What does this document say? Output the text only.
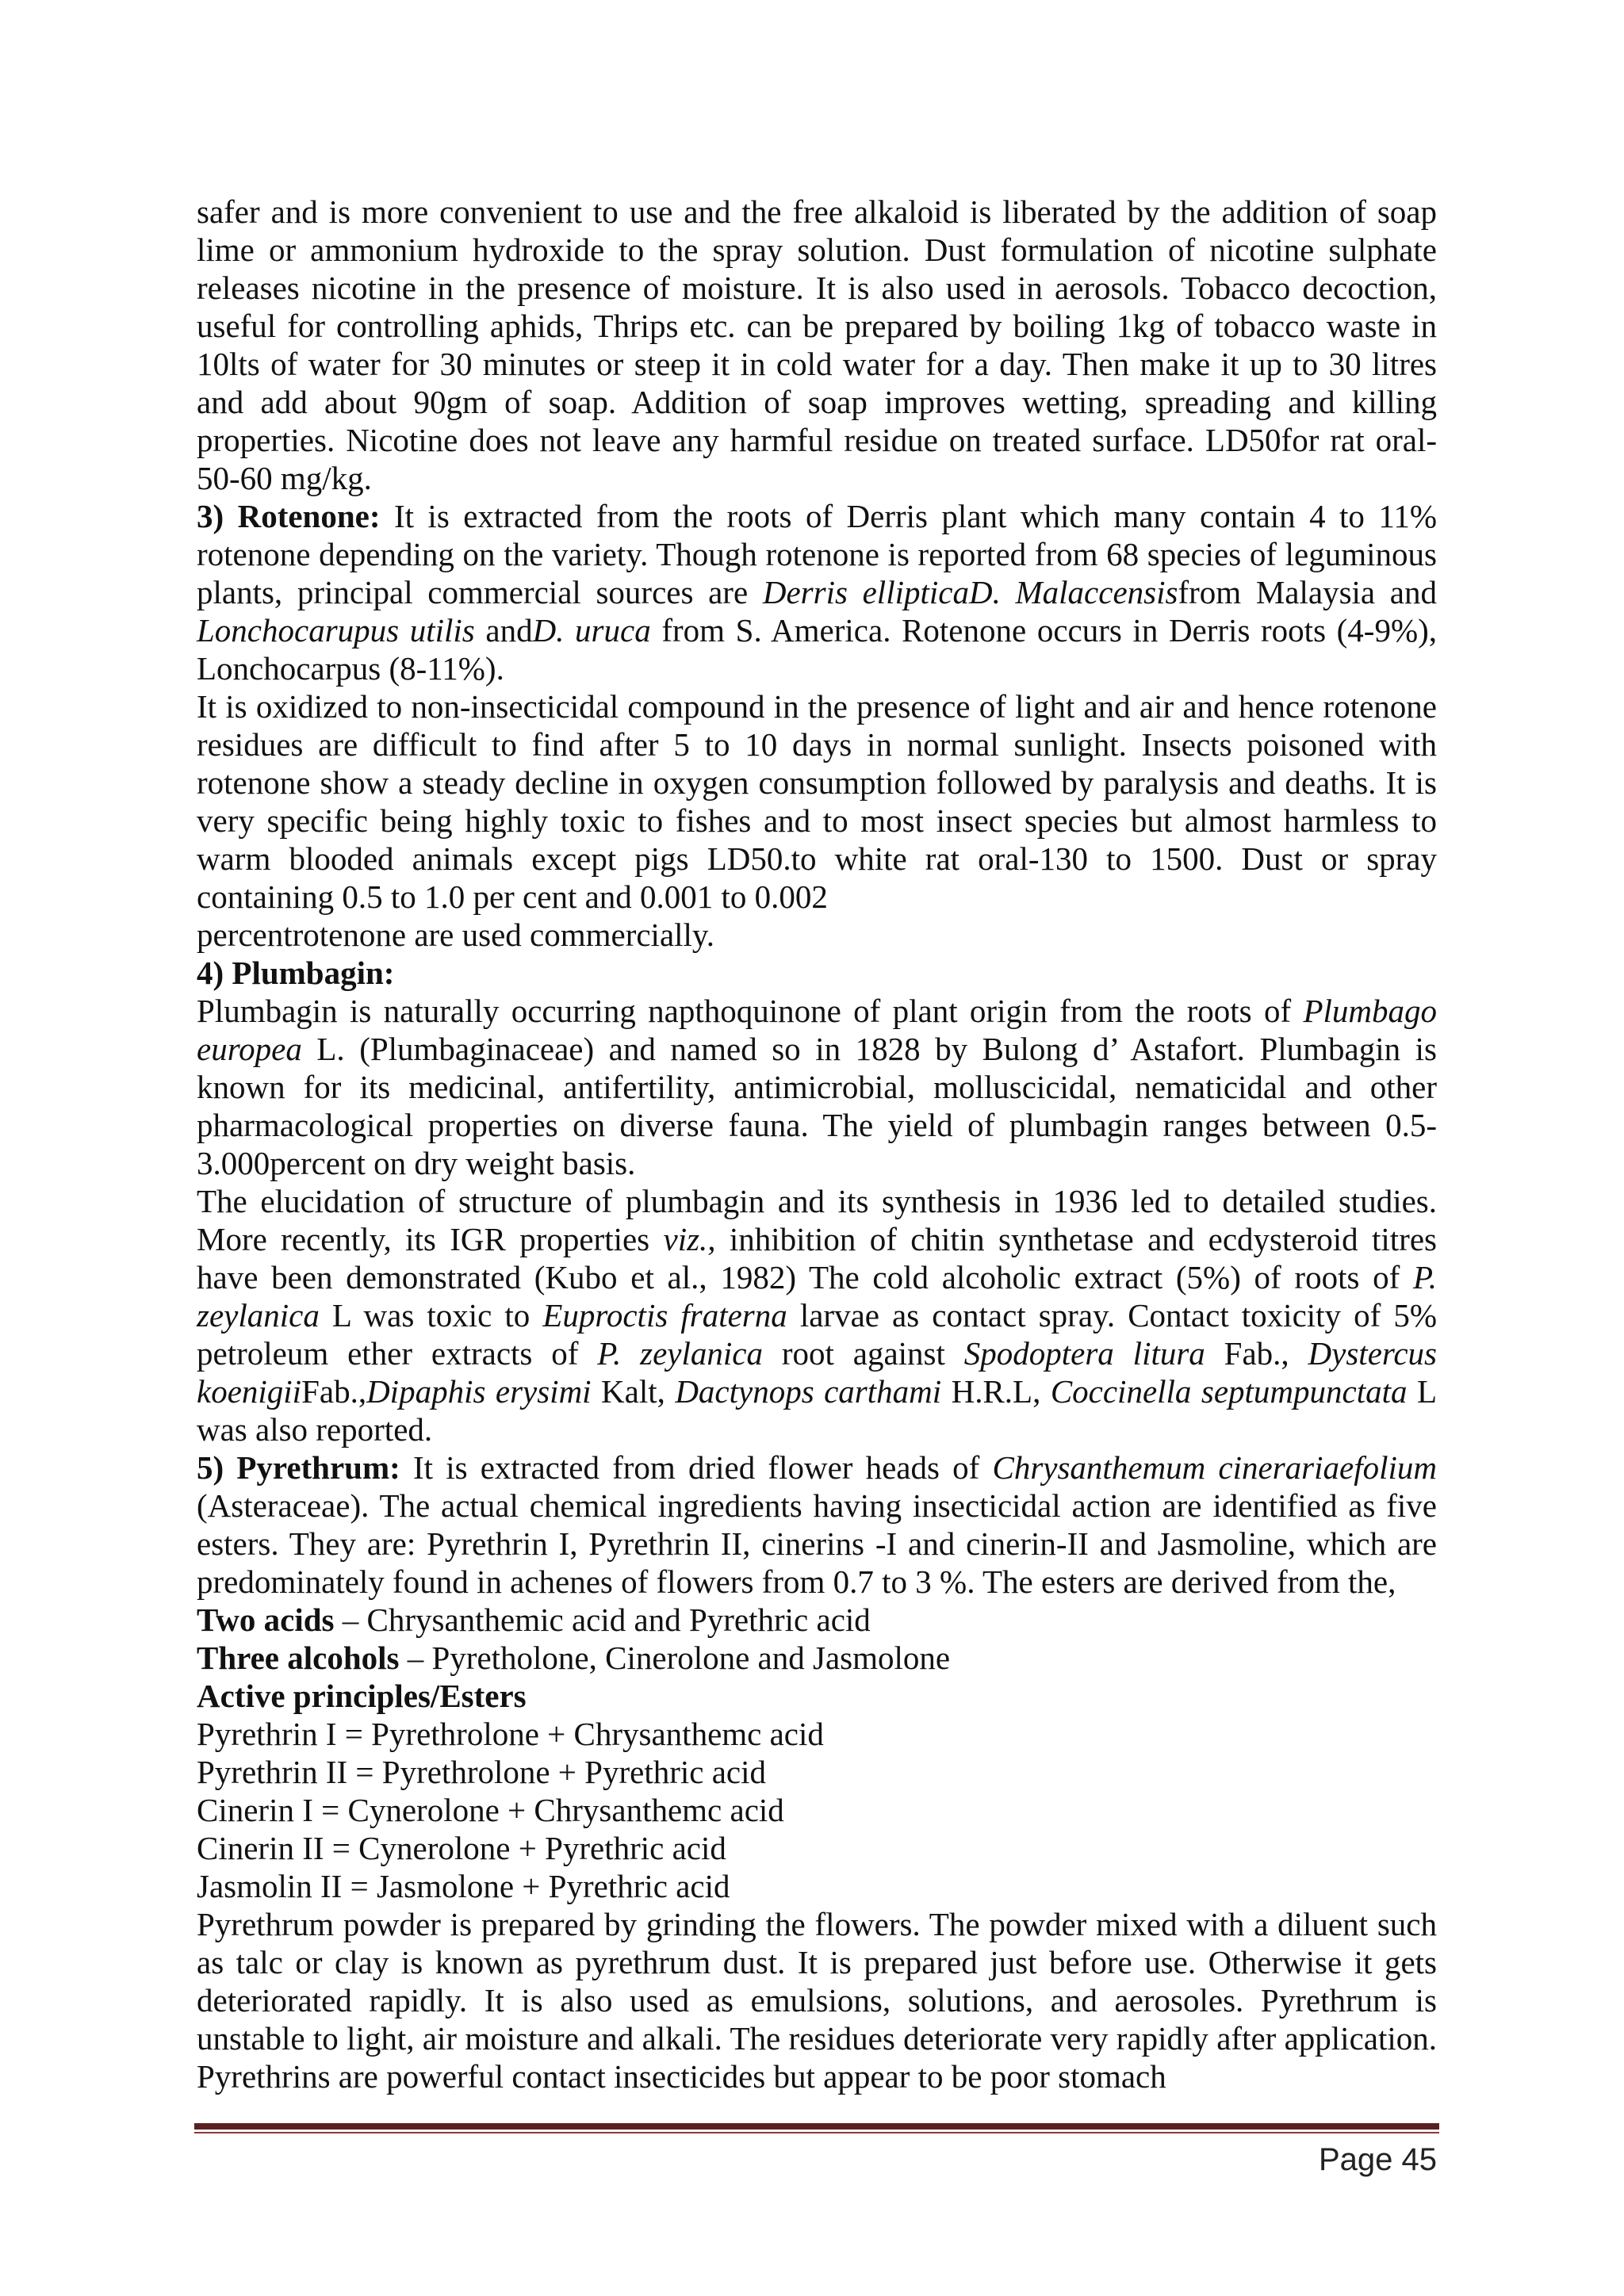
safer and is more convenient to use and the free alkaloid is liberated by the addition of soap lime or ammonium hydroxide to the spray solution. Dust formulation of nicotine sulphate releases nicotine in the presence of moisture. It is also used in aerosols. Tobacco decoction, useful for controlling aphids, Thrips etc. can be prepared by boiling 1kg of tobacco waste in 10lts of water for 30 minutes or steep it in cold water for a day. Then make it up to 30 litres and add about 90gm of soap. Addition of soap improves wetting, spreading and killing properties. Nicotine does not leave any harmful residue on treated surface. LD50for rat oral-50-60 mg/kg.

3) Rotenone: It is extracted from the roots of Derris plant which many contain 4 to 11% rotenone depending on the variety. Though rotenone is reported from 68 species of leguminous plants, principal commercial sources are Derris ellipticaD. Malaccensisfrom Malaysia and Lonchocarupus utilis andD. uruca from S. America. Rotenone occurs in Derris roots (4-9%), Lonchocarpus (8-11%).

It is oxidized to non-insecticidal compound in the presence of light and air and hence rotenone residues are difficult to find after 5 to 10 days in normal sunlight. Insects poisoned with rotenone show a steady decline in oxygen consumption followed by paralysis and deaths. It is very specific being highly toxic to fishes and to most insect species but almost harmless to warm blooded animals except pigs LD50.to white rat oral-130 to 1500. Dust or spray containing 0.5 to 1.0 per cent and 0.001 to 0.002

percentrotenone are used commercially.

4) Plumbagin:

Plumbagin is naturally occurring napthoquinone of plant origin from the roots of Plumbago europea L. (Plumbaginaceae) and named so in 1828 by Bulong d’ Astafort. Plumbagin is known for its medicinal, antifertility, antimicrobial, molluscicidal, nematicidal and other pharmacological properties on diverse fauna. The yield of plumbagin ranges between 0.5-3.000percent on dry weight basis.

The elucidation of structure of plumbagin and its synthesis in 1936 led to detailed studies. More recently, its IGR properties viz., inhibition of chitin synthetase and ecdysteroid titres have been demonstrated (Kubo et al., 1982) The cold alcoholic extract (5%) of roots of P. zeylanica L was toxic to Euproctis fraterna larvae as contact spray. Contact toxicity of 5% petroleum ether extracts of P. zeylanica root against Spodoptera litura Fab., Dystercus koenigiiFab.,Dipaphis erysimi Kalt, Dactynops carthami H.R.L, Coccinella septumpunctata L was also reported.

5) Pyrethrum: It is extracted from dried flower heads of Chrysanthemum cinerariaefolium (Asteraceae). The actual chemical ingredients having insecticidal action are identified as five esters. They are: Pyrethrin I, Pyrethrin II, cinerins -I and cinerin-II and Jasmoline, which are predominately found in achenes of flowers from 0.7 to 3 %. The esters are derived from the,

Two acids – Chrysanthemic acid and Pyrethric acid

Three alcohols – Pyretholone, Cinerolone and Jasmolone

Active principles/Esters

Pyrethrin I = Pyrethrolone + Chrysanthemc acid

Pyrethrin II = Pyrethrolone + Pyrethric acid

Cinerin I = Cynerolone + Chrysanthemc acid

Cinerin II = Cynerolone + Pyrethric acid

Jasmolin II = Jasmolone + Pyrethric acid

Pyrethrum powder is prepared by grinding the flowers. The powder mixed with a diluent such as talc or clay is known as pyrethrum dust. It is prepared just before use. Otherwise it gets deteriorated rapidly. It is also used as emulsions, solutions, and aerosoles. Pyrethrum is unstable to light, air moisture and alkali. The residues deteriorate very rapidly after application. Pyrethrins are powerful contact insecticides but appear to be poor stomach

Page 45
